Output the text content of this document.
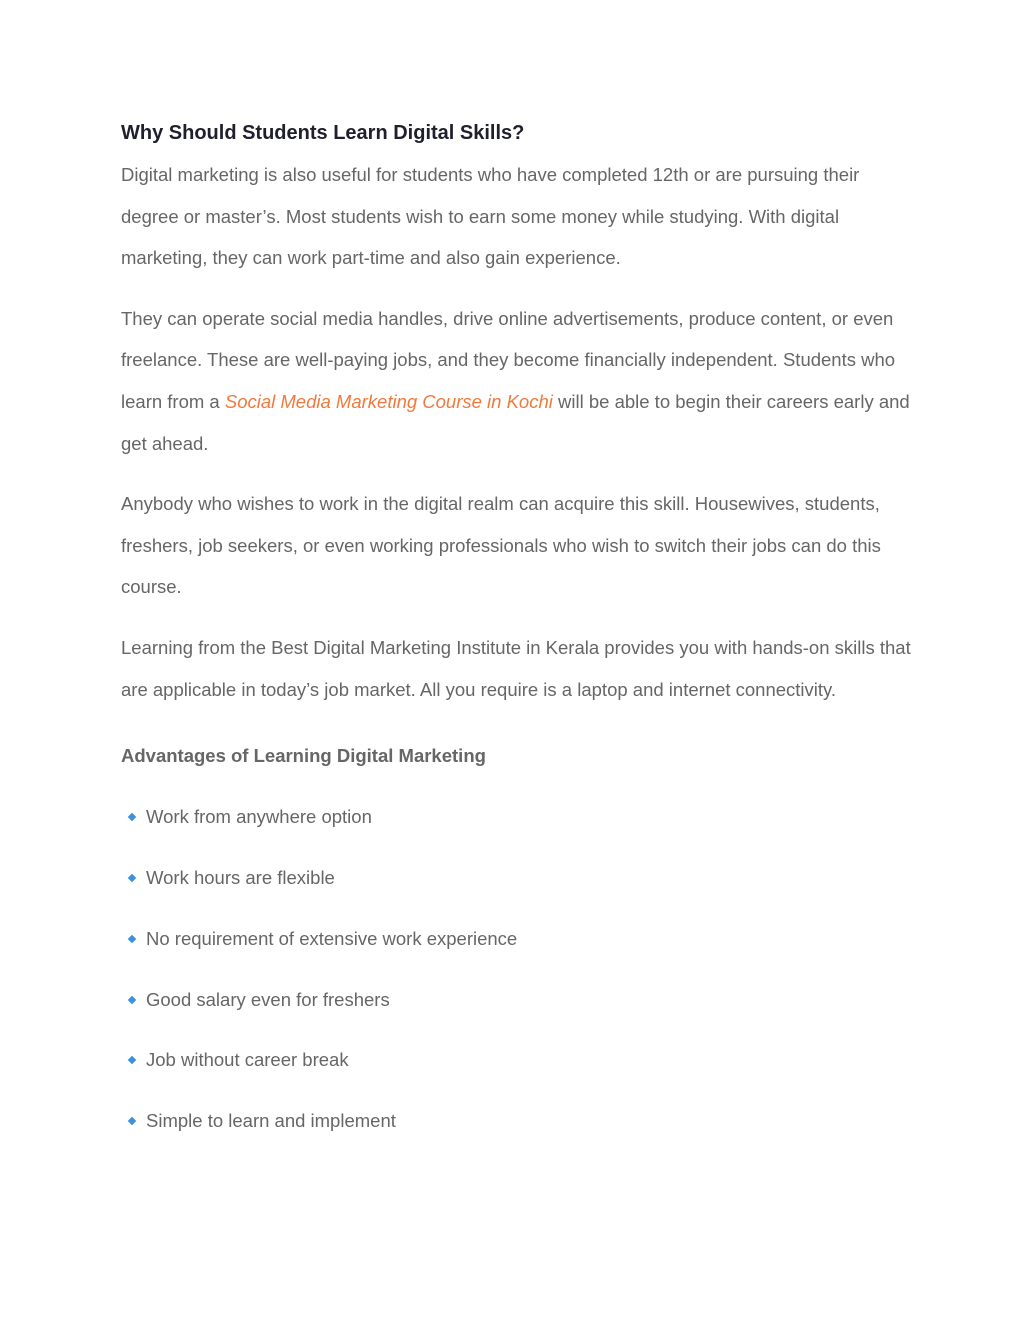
Why Should Students Learn Digital Skills?

Digital marketing is also useful for students who have completed 12th or are pursuing their degree or master’s. Most students wish to earn some money while studying. With digital marketing, they can work part-time and also gain experience.

They can operate social media handles, drive online advertisements, produce content, or even freelance. These are well-paying jobs, and they become financially independent. Students who learn from a Social Media Marketing Course in Kochi will be able to begin their careers early and get ahead.

Anybody who wishes to work in the digital realm can acquire this skill. Housewives, students, freshers, job seekers, or even working professionals who wish to switch their jobs can do this course.

Learning from the Best Digital Marketing Institute in Kerala provides you with hands-on skills that are applicable in today’s job market. All you require is a laptop and internet connectivity.

Advantages of Learning Digital Marketing
Work from anywhere option
Work hours are flexible
No requirement of extensive work experience
Good salary even for freshers
Job without career break
Simple to learn and implement
